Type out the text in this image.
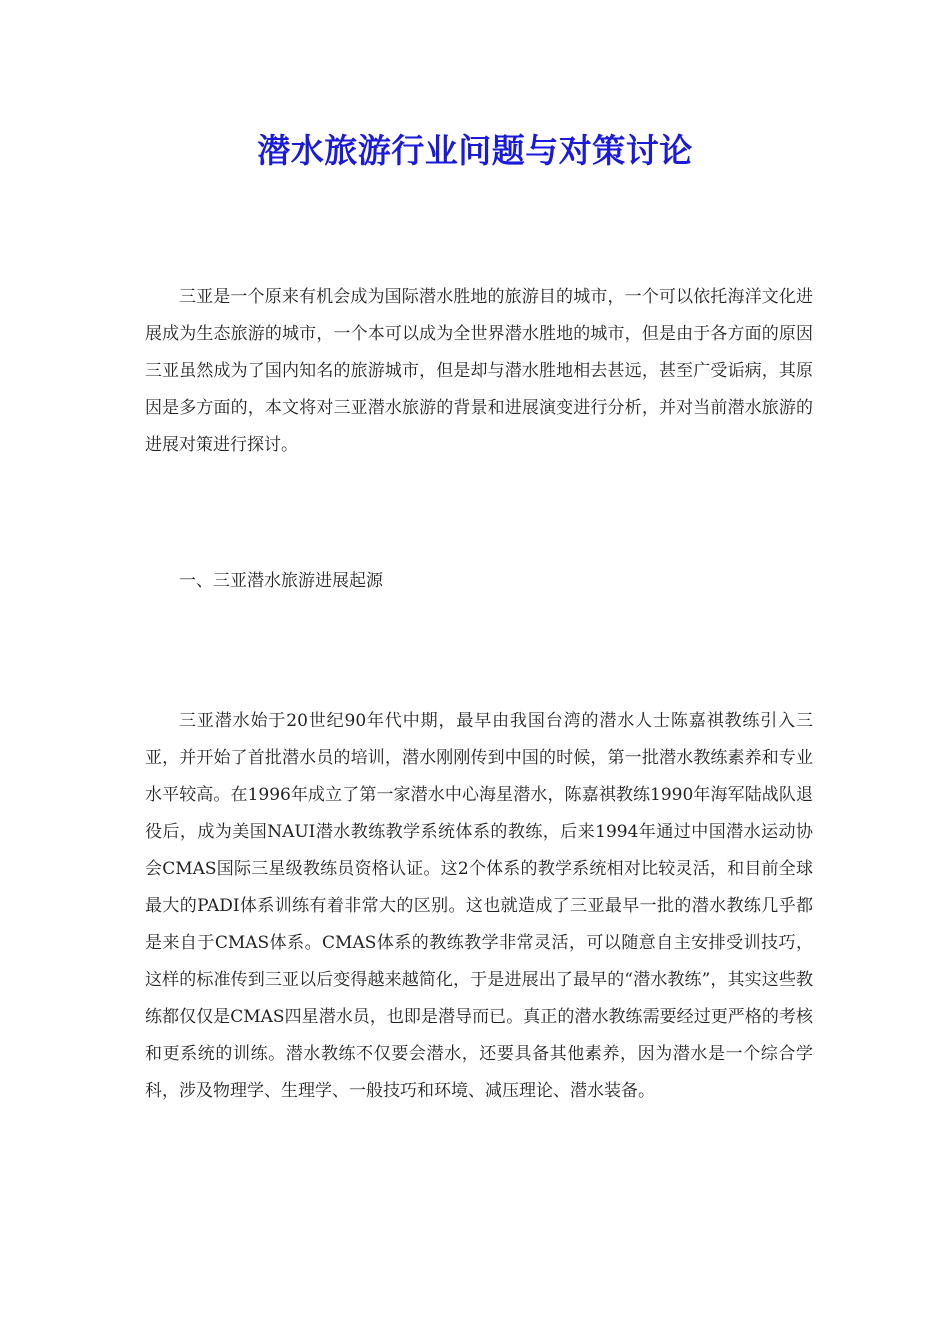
潜水旅游行业问题与对策讨论

三亚是一个原来有机会成为国际潜水胜地的旅游目的城市，一个可以依托海洋文化进展成为生态旅游的城市，一个本可以成为全世界潜水胜地的城市，但是由于各方面的原因三亚虽然成为了国内知名的旅游城市，但是却与潜水胜地相去甚远，甚至广受诟病，其原因是多方面的，本文将对三亚潜水旅游的背景和进展演变进行分析，并对当前潜水旅游的进展对策进行探讨。

一、三亚潜水旅游进展起源

三亚潜水始于20世纪90年代中期，最早由我国台湾的潜水人士陈嘉祺教练引入三亚，并开始了首批潜水员的培训，潜水刚刚传到中国的时候，第一批潜水教练素养和专业水平较高。在1996年成立了第一家潜水中心海星潜水，陈嘉祺教练1990年海军陆战队退役后，成为美国NAUI潜水教练教学系统体系的教练，后来1994年通过中国潜水运动协会CMAS国际三星级教练员资格认证。这2个体系的教学系统相对比较灵活，和目前全球最大的PADI体系训练有着非常大的区别。这也就造成了三亚最早一批的潜水教练几乎都是来自于CMAS体系。CMAS体系的教练教学非常灵活，可以随意自主安排受训技巧，这样的标准传到三亚以后变得越来越简化，于是进展出了最早的“潜水教练”，其实这些教练都仅仅是CMAS四星潜水员，也即是潜导而已。真正的潜水教练需要经过更严格的考核和更系统的训练。潜水教练不仅要会潜水，还要具备其他素养，因为潜水是一个综合学科，涉及物理学、生理学、一般技巧和环境、减压理论、潜水装备。
